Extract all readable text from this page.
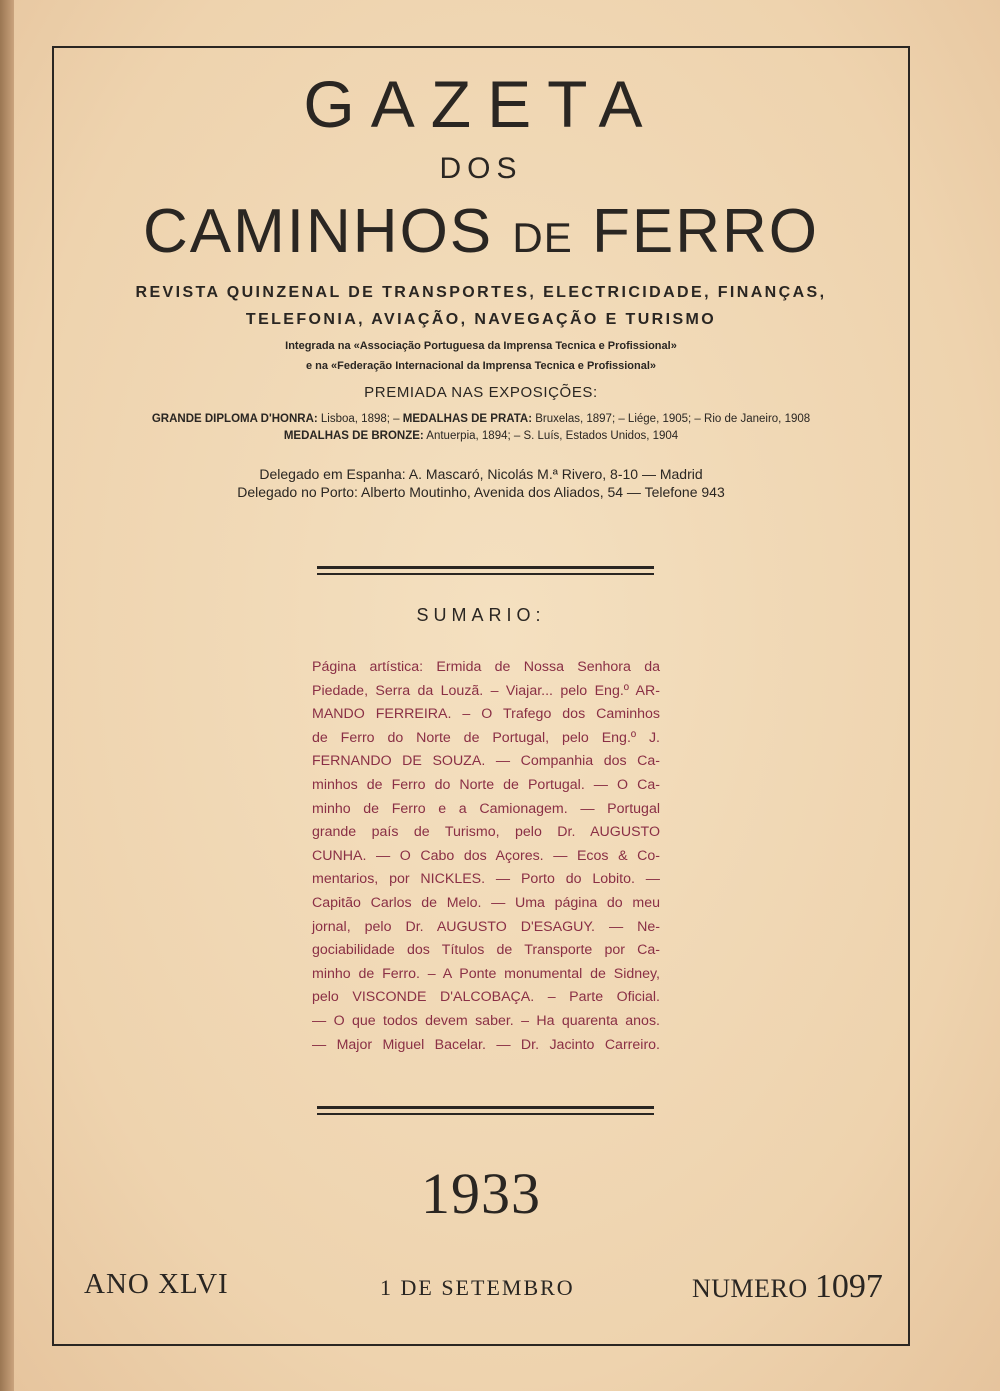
GAZETA
DOS
CAMINHOS DE FERRO
REVISTA QUINZENAL DE TRANSPORTES, ELECTRICIDADE, FINANÇAS,
TELEFONIA, AVIAÇÃO, NAVEGAÇÃO E TURISMO
Integrada na «Associação Portuguesa da Imprensa Tecnica e Profissional»
e na «Federação Internacional da Imprensa Tecnica e Profissional»
PREMIADA NAS EXPOSIÇÕES:
GRANDE DIPLOMA D'HONRA: Lisboa, 1898; – MEDALHAS DE PRATA: Bruxelas, 1897; – Liége, 1905; – Rio de Janeiro, 1908
MEDALHAS DE BRONZE: Antuerpia, 1894; – S. Luís, Estados Unidos, 1904
Delegado em Espanha: A. Mascaró, Nicolás M.ª Rivero, 8-10 — Madrid
Delegado no Porto: Alberto Moutinho, Avenida dos Aliados, 54 — Telefone 943
SUMARIO:
Página artística: Ermida de Nossa Senhora da
Piedade, Serra da Louzã. – Viajar... pelo Eng.º AR-
MANDO FERREIRA. – O Trafego dos Caminhos
de Ferro do Norte de Portugal, pelo Eng.º J.
FERNANDO DE SOUZA. — Companhia dos Ca-
minhos de Ferro do Norte de Portugal. — O Ca-
minho de Ferro e a Camionagem. — Portugal
grande país de Turismo, pelo Dr. AUGUSTO
CUNHA. — O Cabo dos Açores. — Ecos & Co-
mentarios, por NICKLES. — Porto do Lobito. —
Capitão Carlos de Melo. — Uma página do meu
jornal, pelo Dr. AUGUSTO D'ESAGUY. — Ne-
gociabilidade dos Títulos de Transporte por Ca-
minho de Ferro. – A Ponte monumental de Sidney,
pelo VISCONDE D'ALCOBAÇA. – Parte Oficial.
— O que todos devem saber. – Ha quarenta anos.
— Major Miguel Bacelar. — Dr. Jacinto Carreiro.
1933
ANO XLVI	1 DE SETEMBRO	NUMERO 1097
